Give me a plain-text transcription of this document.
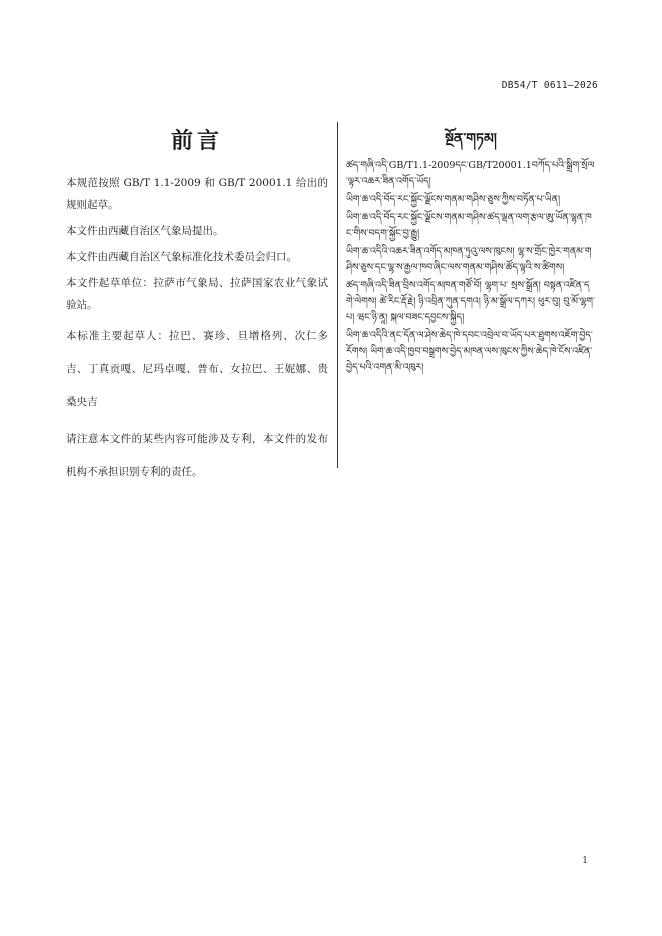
DB54/T 0611—2026
前言

本规范按照 GB/T 1.1-2009 和 GB/T 20001.1 给出的规则起草。

本文件由西藏自治区气象局提出。

本文件由西藏自治区气象标准化技术委员会归口。

本文件起草单位：拉萨市气象局、拉萨国家农业气象试验站。

本标准主要起草人：拉巴、赛珍、旦增格列、次仁多吉、丁真贡嘎、尼玛卓嘎、普布、女拉巴、王妮娜、贵桑央吉

请注意本文件的某些内容可能涉及专利，本文件的发布机构不承担识别专利的责任。

སྔོན་གཏམ།

ཚད་གཞི་འདི་GB/T1.1-2009དང་GB/T20001.1བཀོད་པའི་སྒྲིག་སྲོལ་ལྟར་འཆར་ཟིན་འགོད་ཡོད།

ཡིག་ཆ་འདི་བོད་རང་སྐྱོང་ལྗོངས་གནམ་གཤིས་ཅུས་ཀྱིས་བཏོན་པ་ཡིན།

ཡིག་ཆ་འདི་བོད་རང་སྐྱོང་ལྗོངས་གནམ་གཤིས་ཚད་ལྡན་ལག་རྩལ་ཨུ་ཡོན་ལྷན་ཁང་གིས་བདག་སྐྱོང་བྱ་རྒྱུ།

ཡིག་ཆ་འདིའི་འཆར་ཟིན་འགོད་མཁན་ཏུའུ་ལས་ཁུངས། ལྷ་ས་གྲོང་ཁྱེར་གནམ་གཤིས་ཅུས་དང་ལྷ་ས་རྒྱལ་ཁབ་ཞིང་ལས་གནམ་གཤིས་ཚོད་ལྟའི་ས་ཚིགས།

ཚད་གཞི་འདི་ཟིན་བྲིས་འགོད་མཁན་གཙོ་བོ། ལྷག་པ་ སྲས་སྒྲོན། བསྟན་འཛིན་དགེ་ལེགས། ཚེ་རིང་རྡོ་རྗེ། ཉི་འབྲིན་ཀུན་དགའ། ཉི་མ་སྒྲོལ་དཀར། ཕུར་བུ། བུ་མོ་ལྷག་པ། ཝང་ཉི་ནཱ། སྐལ་བཟང་དབྱངས་སྐྱིད།

ཡིག་ཆ་འདིའི་ནང་དོན་ལ་ཤེས་ཆེད་ཁེ་དབང་འབྲེལ་བ་ཡོད་པར་ཐུགས་འཇོག་བྱེད་རོགས། ཡིག་ཆ་འདི་ཁྱབ་བསྒྲགས་བྱེད་མཁན་ལས་ཁུངས་ཀྱིས་ཆེད་ཁེ་ངོས་འཛིན་བྱེད་པའི་འགན་མི་འཁུར།

1
